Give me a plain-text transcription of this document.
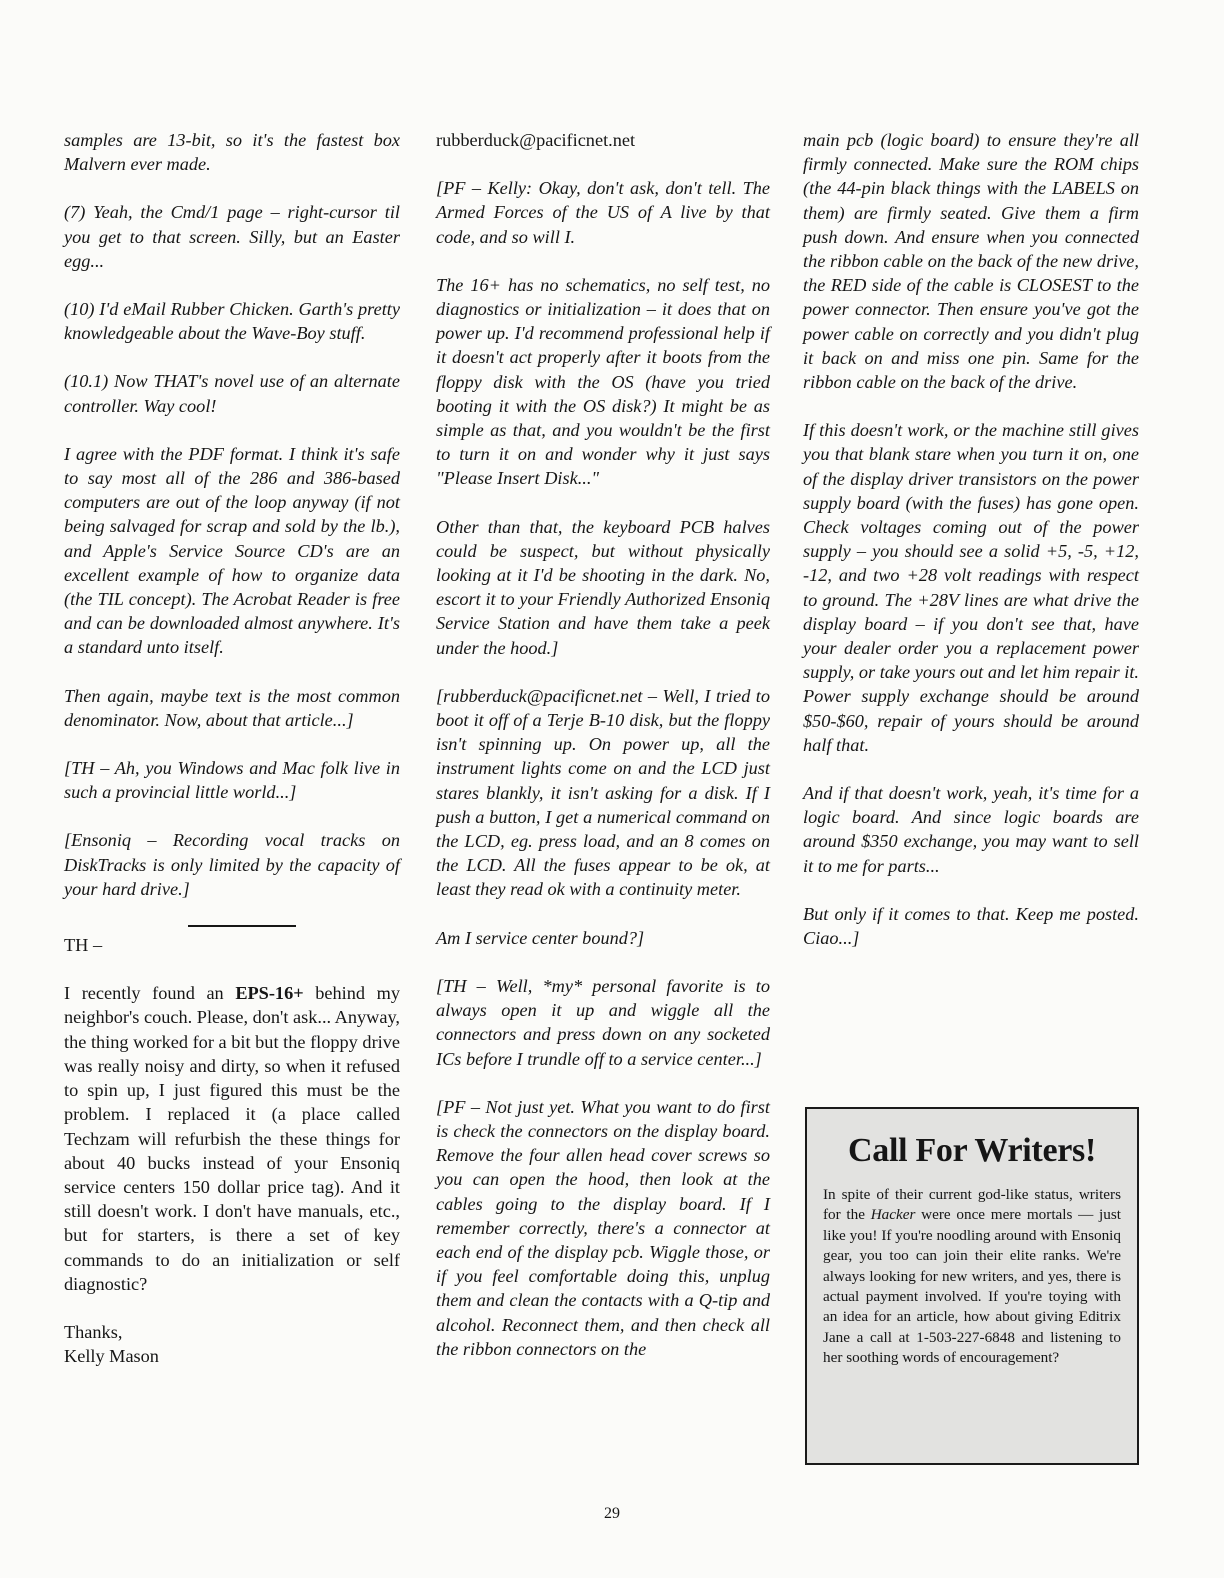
samples are 13-bit, so it's the fastest box Malvern ever made.

(7) Yeah, the Cmd/1 page – right-cursor til you get to that screen. Silly, but an Easter egg...

(10) I'd eMail Rubber Chicken. Garth's pretty knowledgeable about the Wave-Boy stuff.

(10.1) Now THAT's novel use of an alternate controller. Way cool!

I agree with the PDF format. I think it's safe to say most all of the 286 and 386-based computers are out of the loop anyway (if not being salvaged for scrap and sold by the lb.), and Apple's Service Source CD's are an excellent example of how to organize data (the TIL concept). The Acrobat Reader is free and can be downloaded almost anywhere. It's a standard unto itself.

Then again, maybe text is the most common denominator. Now, about that article...]

[TH – Ah, you Windows and Mac folk live in such a provincial little world...]

[Ensoniq – Recording vocal tracks on DiskTracks is only limited by the capacity of your hard drive.]

TH –

I recently found an EPS-16+ behind my neighbor's couch. Please, don't ask... Anyway, the thing worked for a bit but the floppy drive was really noisy and dirty, so when it refused to spin up, I just figured this must be the problem. I replaced it (a place called Techzam will refurbish the these things for about 40 bucks instead of your Ensoniq service centers 150 dollar price tag). And it still doesn't work. I don't have manuals, etc., but for starters, is there a set of key commands to do an initialization or self diagnostic?

Thanks,

Kelly Mason

rubberduck@pacificnet.net

[PF – Kelly: Okay, don't ask, don't tell. The Armed Forces of the US of A live by that code, and so will I.

The 16+ has no schematics, no self test, no diagnostics or initialization – it does that on power up. I'd recommend professional help if it doesn't act properly after it boots from the floppy disk with the OS (have you tried booting it with the OS disk?) It might be as simple as that, and you wouldn't be the first to turn it on and wonder why it just says "Please Insert Disk..."

Other than that, the keyboard PCB halves could be suspect, but without physically looking at it I'd be shooting in the dark. No, escort it to your Friendly Authorized Ensoniq Service Station and have them take a peek under the hood.]

[rubberduck@pacificnet.net – Well, I tried to boot it off of a Terje B-10 disk, but the floppy isn't spinning up. On power up, all the instrument lights come on and the LCD just stares blankly, it isn't asking for a disk. If I push a button, I get a numerical command on the LCD, eg. press load, and an 8 comes on the LCD. All the fuses appear to be ok, at least they read ok with a continuity meter.

Am I service center bound?]

[TH – Well, *my* personal favorite is to always open it up and wiggle all the connectors and press down on any socketed ICs before I trundle off to a service center...]

[PF – Not just yet. What you want to do first is check the connectors on the display board. Remove the four allen head cover screws so you can open the hood, then look at the cables going to the display board. If I remember correctly, there's a connector at each end of the display pcb. Wiggle those, or if you feel comfortable doing this, unplug them and clean the contacts with a Q-tip and alcohol. Reconnect them, and then check all the ribbon connectors on the

main pcb (logic board) to ensure they're all firmly connected. Make sure the ROM chips (the 44-pin black things with the LABELS on them) are firmly seated. Give them a firm push down. And ensure when you connected the ribbon cable on the back of the new drive, the RED side of the cable is CLOSEST to the power connector. Then ensure you've got the power cable on correctly and you didn't plug it back on and miss one pin. Same for the ribbon cable on the back of the drive.

If this doesn't work, or the machine still gives you that blank stare when you turn it on, one of the display driver transistors on the power supply board (with the fuses) has gone open. Check voltages coming out of the power supply – you should see a solid +5, -5, +12, -12, and two +28 volt readings with respect to ground. The +28V lines are what drive the display board – if you don't see that, have your dealer order you a replacement power supply, or take yours out and let him repair it. Power supply exchange should be around $50-$60, repair of yours should be around half that.

And if that doesn't work, yeah, it's time for a logic board. And since logic boards are around $350 exchange, you may want to sell it to me for parts...

But only if it comes to that. Keep me posted. Ciao...]

Call For Writers!

In spite of their current god-like status, writers for the Hacker were once mere mortals — just like you! If you're noodling around with Ensoniq gear, you too can join their elite ranks. We're always looking for new writers, and yes, there is actual payment involved. If you're toying with an idea for an article, how about giving Editrix Jane a call at 1-503-227-6848 and listening to her soothing words of encouragement?

29
